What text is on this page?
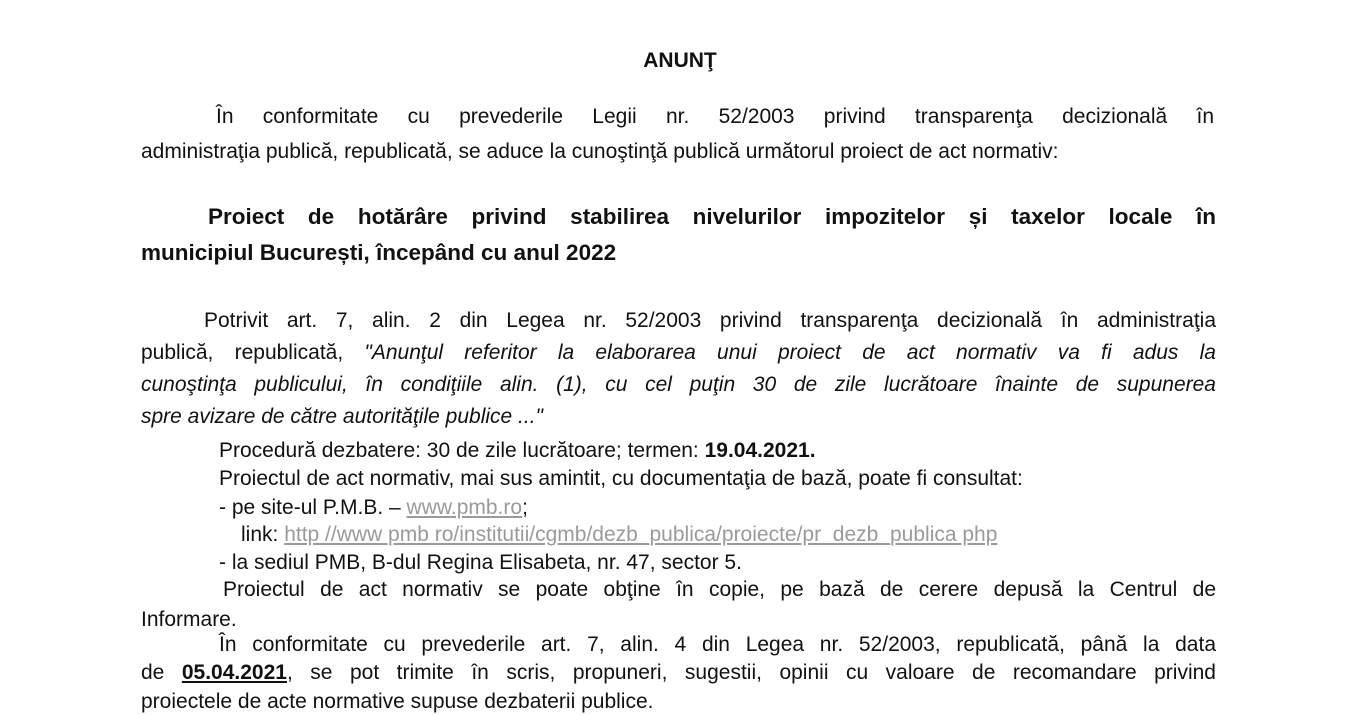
ANUNŢ
În conformitate cu prevederile Legii nr. 52/2003 privind transparenţa decizională în
administraţia publică, republicată, se aduce la cunoştinţă publică următorul proiect de act normativ:
Proiect de hotărâre privind stabilirea nivelurilor impozitelor și taxelor locale în
municipiul București, începând cu anul 2022
Potrivit art. 7, alin. 2 din Legea nr. 52/2003 privind transparenţa decizională în administraţia
publică, republicată, "Anunţul referitor la elaborarea unui proiect de act normativ va fi adus la
cunoştinţa publicului, în condiţiile alin. (1), cu cel puţin 30 de zile lucrătoare înainte de supunerea
spre avizare de către autorităţile publice ..."
Procedură dezbatere: 30 de zile lucrătoare; termen: 19.04.2021.
Proiectul de act normativ, mai sus amintit, cu documentaţia de bază, poate fi consultat:
- pe site-ul P.M.B. – www.pmb.ro;
link: http //www pmb ro/institutii/cgmb/dezb_publica/proiecte/pr_dezb_publica php
- la sediul PMB, B-dul Regina Elisabeta, nr. 47, sector 5.
Proiectul de act normativ se poate obţine în copie, pe bază de cerere depusă la Centrul de
Informare.
În conformitate cu prevederile art. 7, alin. 4 din Legea nr. 52/2003, republicată, până la data
de 05.04.2021, se pot trimite în scris, propuneri, sugestii, opinii cu valoare de recomandare privind
proiectele de acte normative supuse dezbaterii publice.
